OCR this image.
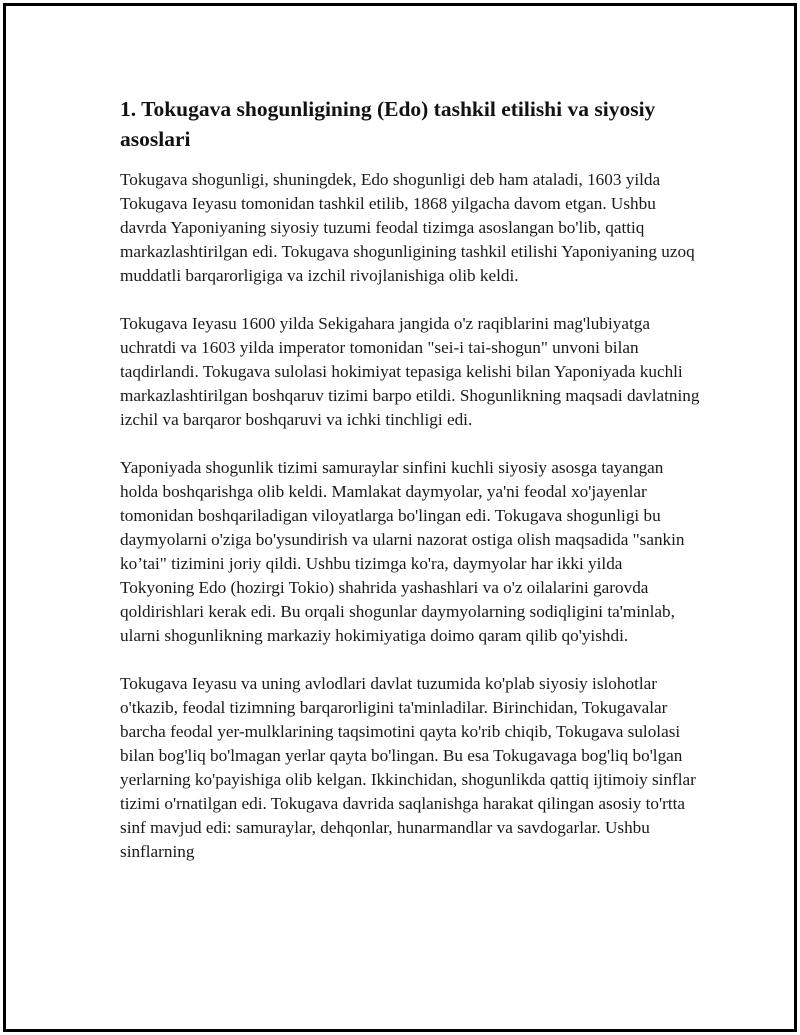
1. Tokugava shogunligining (Edo) tashkil etilishi va siyosiy asoslari

Tokugava shogunligi, shuningdek, Edo shogunligi deb ham ataladi, 1603 yilda Tokugava Ieyasu tomonidan tashkil etilib, 1868 yilgacha davom etgan. Ushbu davrda Yaponiyaning siyosiy tuzumi feodal tizimga asoslangan bo'lib, qattiq markazlashtirilgan edi. Tokugava shogunligining tashkil etilishi Yaponiyaning uzoq muddatli barqarorligiga va izchil rivojlanishiga olib keldi.

Tokugava Ieyasu 1600 yilda Sekigahara jangida o'z raqiblarini mag'lubiyatga uchratdi va 1603 yilda imperator tomonidan "sei-i tai-shogun" unvoni bilan taqdirlandi. Tokugava sulolasi hokimiyat tepasiga kelishi bilan Yaponiyada kuchli markazlashtirilgan boshqaruv tizimi barpo etildi. Shogunlikning maqsadi davlatning izchil va barqaror boshqaruvi va ichki tinchligi edi.

Yaponiyada shogunlik tizimi samuraylar sinfini kuchli siyosiy asosga tayangan holda boshqarishga olib keldi. Mamlakat daymyolar, ya'ni feodal xo'jayenlar tomonidan boshqariladigan viloyatlarga bo'lingan edi. Tokugava shogunligi bu daymyolarni o'ziga bo'ysundirish va ularni nazorat ostiga olish maqsadida "sankin ko’tai" tizimini joriy qildi. Ushbu tizimga ko'ra, daymyolar har ikki yilda Tokyoning Edo (hozirgi Tokio) shahrida yashashlari va o'z oilalarini garovda qoldirishlari kerak edi. Bu orqali shogunlar daymyolarning sodiqligini ta'minlab, ularni shogunlikning markaziy hokimiyatiga doimo qaram qilib qo'yishdi.

Tokugava Ieyasu va uning avlodlari davlat tuzumida ko'plab siyosiy islohotlar o'tkazib, feodal tizimning barqarorligini ta'minladilar. Birinchidan, Tokugavalar barcha feodal yer-mulklarining taqsimotini qayta ko'rib chiqib, Tokugava sulolasi bilan bog'liq bo'lmagan yerlar qayta bo'lingan. Bu esa Tokugavaga bog'liq bo'lgan yerlarning ko'payishiga olib kelgan. Ikkinchidan, shogunlikda qattiq ijtimoiy sinflar tizimi o'rnatilgan edi. Tokugava davrida saqlanishga harakat qilingan asosiy to'rtta sinf mavjud edi: samuraylar, dehqonlar, hunarmandlar va savdogarlar. Ushbu sinflarning
